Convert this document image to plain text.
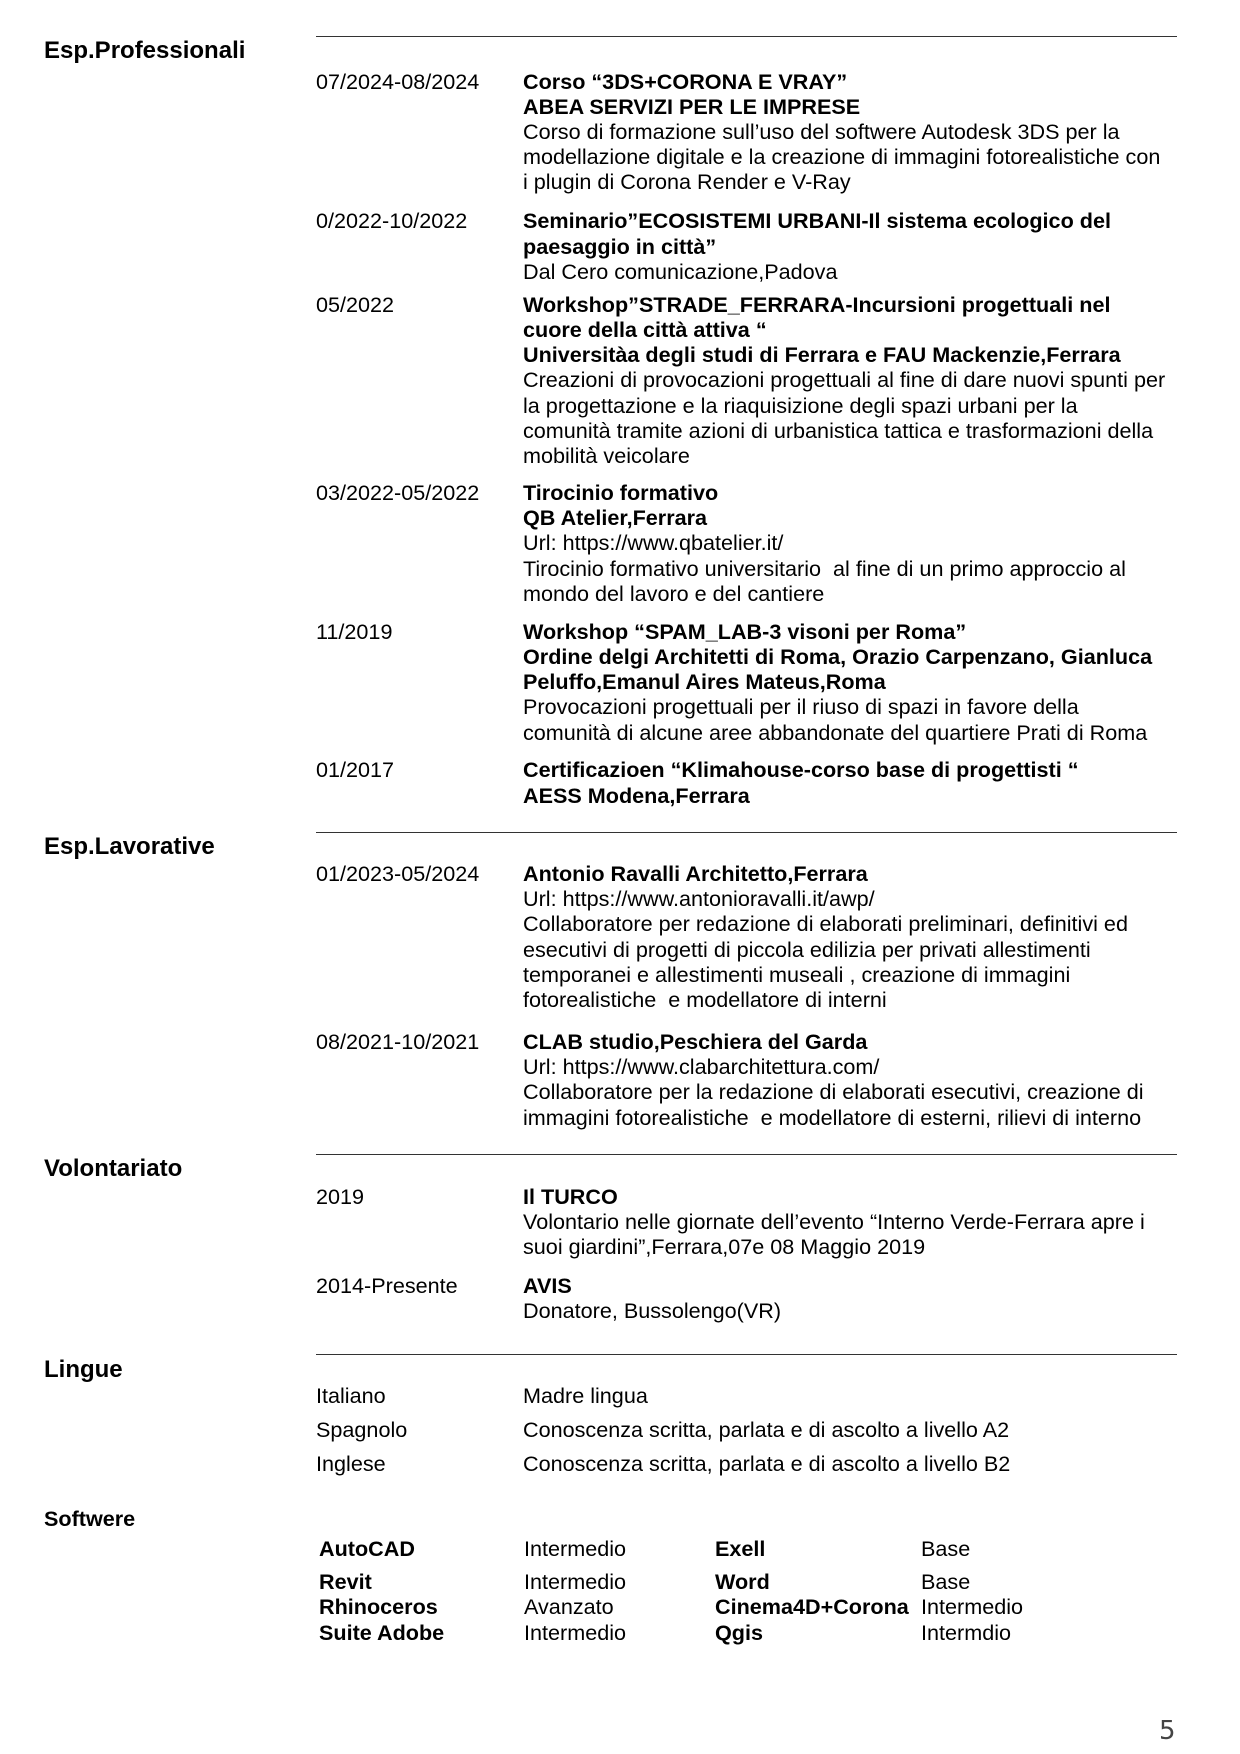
Esp.Professionali
07/2024-08/2024 Corso “3DS+CORONA E VRAY”
ABEA SERVIZI PER LE IMPRESE
Corso di formazione sull’uso del softwere Autodesk 3DS per la
modellazione digitale e la creazione di immagini fotorealistiche con
i plugin di Corona Render e V-Ray
0/2022-10/2022	Seminario”ECOSISTEMI URBANI-Il sistema ecologico del
paesaggio in città”
Dal Cero comunicazione,Padova
05/2022	Workshop”STRADE_FERRARA-Incursioni progettuali nel
cuore della città attiva “
Universitàa degli studi di Ferrara e FAU Mackenzie,Ferrara
Creazioni di provocazioni progettuali al fine di dare nuovi spunti per
la progettazione e la riaquisizione degli spazi urbani per la
comunità tramite azioni di urbanistica tattica e trasformazioni della
mobilità veicolare
03/2022-05/2022 Tirocinio formativo
QB Atelier,Ferrara
Url: https://www.qbatelier.it/
Tirocinio formativo universitario  al fine di un primo approccio al
mondo del lavoro e del cantiere
11/2019	Workshop “SPAM_LAB-3 visoni per Roma”
Ordine delgi Architetti di Roma, Orazio Carpenzano, Gianluca
Peluffo,Emanul Aires Mateus,Roma
Provocazioni progettuali per il riuso di spazi in favore della
comunità di alcune aree abbandonate del quartiere Prati di Roma
01/2017	Certificazioen “Klimahouse-corso base di progettisti “
AESS Modena,Ferrara
Esp.Lavorative
01/2023-05/2024 Antonio Ravalli Architetto,Ferrara
Url: https://www.antonioravalli.it/awp/
Collaboratore per redazione di elaborati preliminari, definitivi ed
esecutivi di progetti di piccola edilizia per privati allestimenti
temporanei e allestimenti museali , creazione di immagini
fotorealistiche  e modellatore di interni
08/2021-10/2021 CLAB studio,Peschiera del Garda
Url: https://www.clabarchitettura.com/
Collaboratore per la redazione di elaborati esecutivi, creazione di
immagini fotorealistiche  e modellatore di esterni, rilievi di interno
Volontariato
2019	Il TURCO
Volontario nelle giornate dell’evento “Interno Verde-Ferrara apre i
suoi giardini”,Ferrara,07e 08 Maggio 2019
2014-Presente	AVIS
Donatore, Bussolengo(VR)
Lingue
Italiano	Madre lingua
Spagnolo	Conoscenza scritta, parlata e di ascolto a livello A2
Inglese	Conoscenza scritta, parlata e di ascolto a livello B2
Softwere
AutoCAD	Intermedio	Exell	Base
Revit	Intermedio	Word	Base
Rhinoceros	Avanzato	Cinema4D+Corona Intermedio
Suite Adobe	Intermedio	Qgis	Intermdio
5
